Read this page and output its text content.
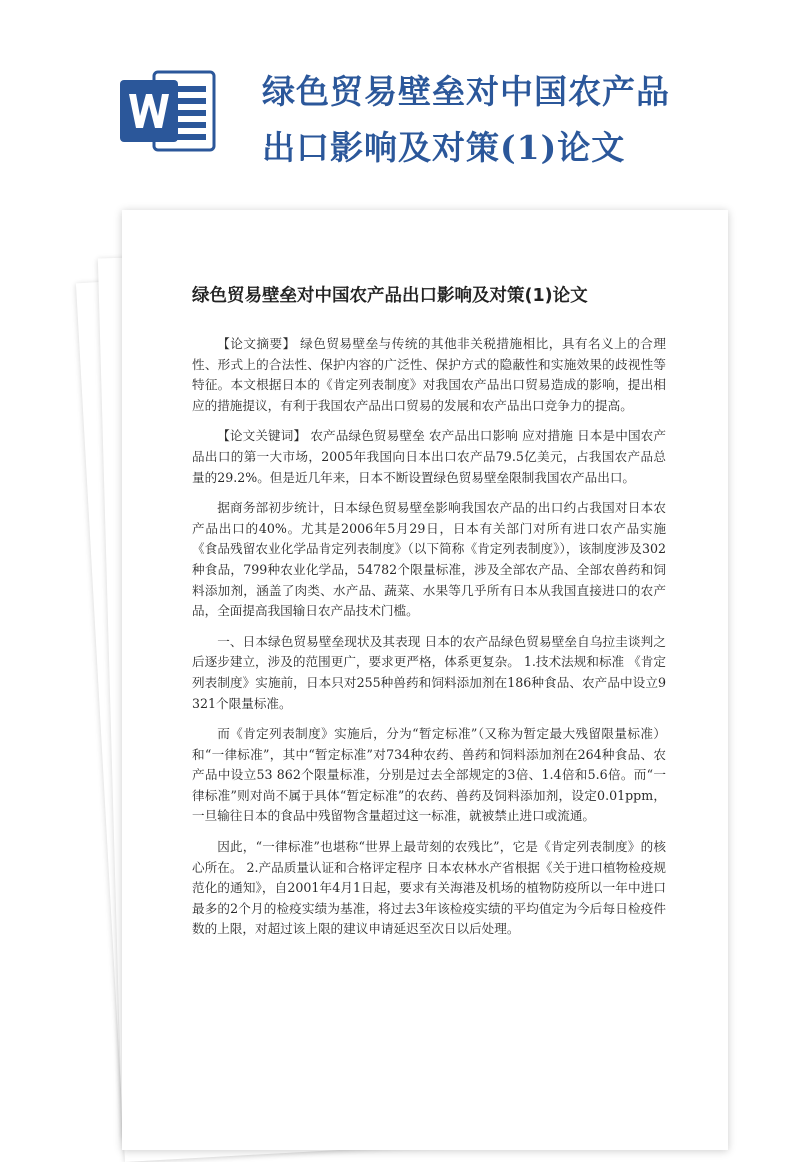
绿色贸易壁垒对中国农产品出口影响及对策(1)论文
绿色贸易壁垒对中国农产品出口影响及对策(1)论文

【论文摘要】 绿色贸易壁垒与传统的其他非关税措施相比，具有名义上的合理性、形式上的合法性、保护内容的广泛性、保护方式的隐蔽性和实施效果的歧视性等特征。本文根据日本的《肯定列表制度》对我国农产品出口贸易造成的影响，提出相应的措施提议，有利于我国农产品出口贸易的发展和农产品出口竞争力的提高。

【论文关键词】 农产品绿色贸易壁垒 农产品出口影响 应对措施 日本是中国农产品出口的第一大市场，2005年我国向日本出口农产品79.5亿美元，占我国农产品总量的29.2%。但是近几年来，日本不断设置绿色贸易壁垒限制我国农产品出口。

据商务部初步统计，日本绿色贸易壁垒影响我国农产品的出口约占我国对日本农产品出口的40%。尤其是2006年5月29日，日本有关部门对所有进口农产品实施《食品残留农业化学品肯定列表制度》（以下简称《肯定列表制度》），该制度涉及302种食品，799种农业化学品，54782个限量标准，涉及全部农产品、全部农兽药和饲料添加剂，涵盖了肉类、水产品、蔬菜、水果等几乎所有日本从我国直接进口的农产品，全面提高我国输日农产品技术门槛。

一、日本绿色贸易壁垒现状及其表现 日本的农产品绿色贸易壁垒自乌拉圭谈判之后逐步建立，涉及的范围更广，要求更严格，体系更复杂。 1.技术法规和标准 《肯定列表制度》实施前，日本只对255种兽药和饲料添加剂在186种食品、农产品中设立9 321个限量标准。

而《肯定列表制度》实施后，分为“暂定标准”（又称为暂定最大残留限量标准）和“一律标准”，其中“暂定标准”对734种农药、兽药和饲料添加剂在264种食品、农产品中设立53 862个限量标准，分别是过去全部规定的3倍、1.4倍和5.6倍。而“一律标准”则对尚不属于具体“暂定标准”的农药、兽药及饲料添加剂，设定0.01ppm，一旦输往日本的食品中残留物含量超过这一标准，就被禁止进口或流通。

因此，“一律标准”也堪称“世界上最苛刻的农残比”，它是《肯定列表制度》的核心所在。 2.产品质量认证和合格评定程序 日本农林水产省根据《关于进口植物检疫规范化的通知》，自2001年4月1日起，要求有关海港及机场的植物防疫所以一年中进口最多的2个月的检疫实绩为基准，将过去3年该检疫实绩的平均值定为今后每日检疫件数的上限，对超过该上限的建议申请延迟至次日以后处理。
